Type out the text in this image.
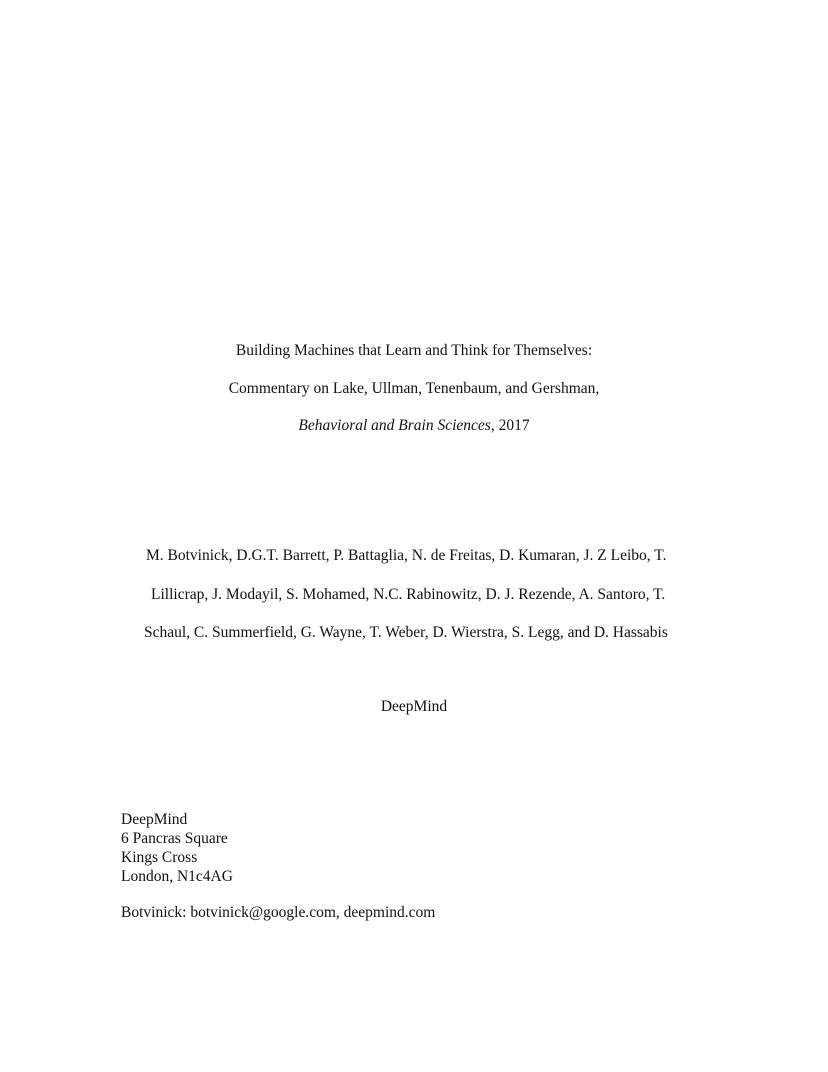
Building Machines that Learn and Think for Themselves:
Commentary on Lake, Ullman, Tenenbaum, and Gershman,
Behavioral and Brain Sciences, 2017
M. Botvinick, D.G.T. Barrett, P. Battaglia, N. de Freitas, D. Kumaran, J. Z Leibo, T.
Lillicrap, J. Modayil, S. Mohamed, N.C. Rabinowitz, D. J. Rezende, A. Santoro, T.
Schaul, C. Summerfield, G. Wayne, T. Weber, D. Wierstra, S. Legg, and D. Hassabis
DeepMind
DeepMind
6 Pancras Square
Kings Cross
London, N1c4AG
Botvinick: botvinick@google.com, deepmind.com
